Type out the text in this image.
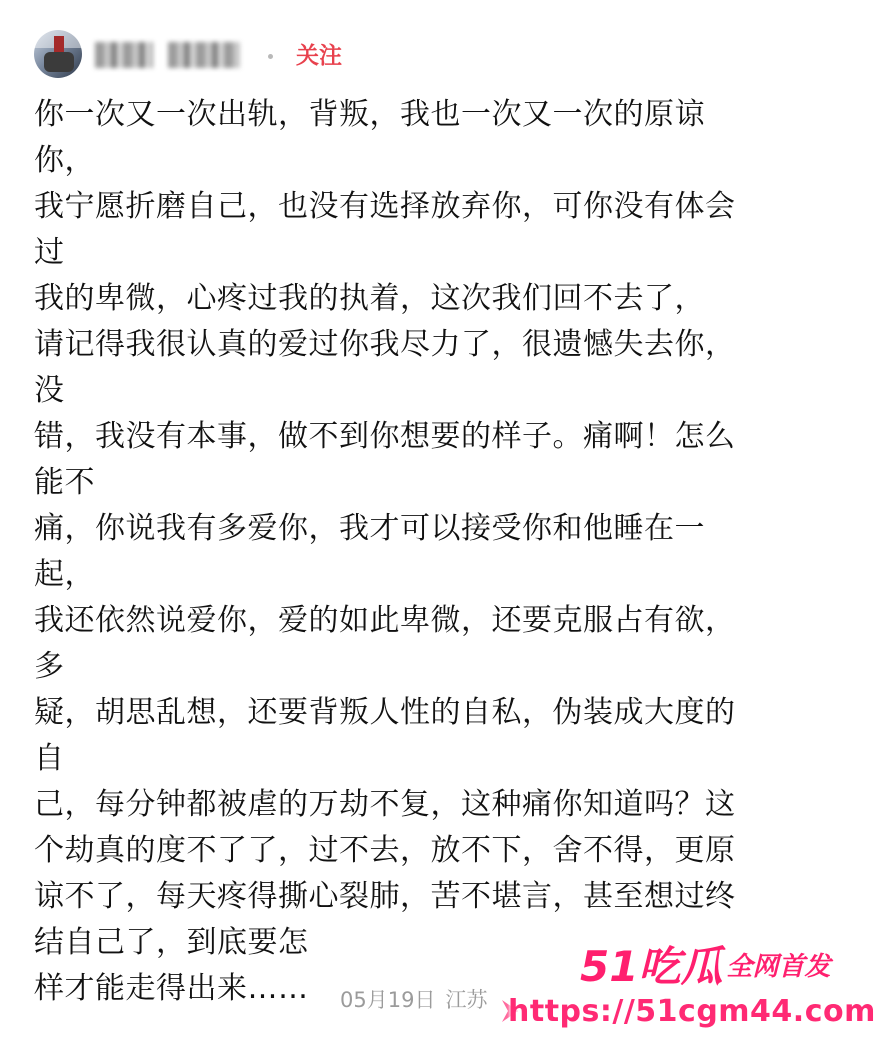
关注
你一次又一次出轨，背叛，我也一次又一次的原谅
你，
我宁愿折磨自己，也没有选择放弃你，可你没有体会
过
我的卑微，心疼过我的执着，这次我们回不去了，
请记得我很认真的爱过你我尽力了，很遗憾失去你，
没
错，我没有本事，做不到你想要的样子。痛啊！怎么
能不
痛，你说我有多爱你，我才可以接受你和他睡在一
起，
我还依然说爱你，爱的如此卑微，还要克服占有欲，
多
疑，胡思乱想，还要背叛人性的自私，伪装成大度的
自
己，每分钟都被虐的万劫不复，这种痛你知道吗？这
个劫真的度不了了，过不去，放不下，舍不得，更原
谅不了，每天疼得撕心裂肺，苦不堪言，甚至想过终
结自己了，到底要怎
样才能走得出来……	05月19日 江苏
51吃瓜 全网首发
https://51cgm44.com
